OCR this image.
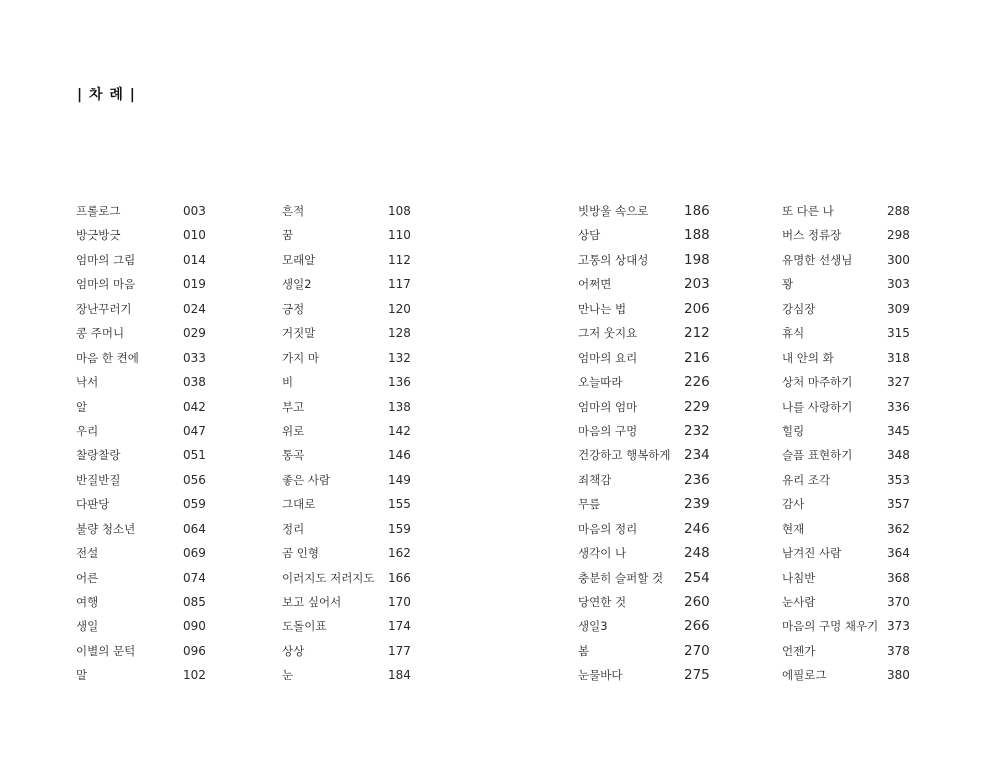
| 차 례 |
프롤로그	003
방긋방긋	010
엄마의 그림	014
엄마의 마음	019
장난꾸러기	024
콩 주머니	029
마음 한 켠에	033
낙서	038
알	042
우리	047
찰랑찰랑	051
반질반질	056
다판당	059
불량 청소년	064
전설	069
어른	074
여행	085
생일	090
이별의 문턱	096
말	102
흔적	108
꿈	110
모래알	112
생일2	117
긍정	120
거짓말	128
가지 마	132
비	136
부고	138
위로	142
통곡	146
좋은 사람	149
그대로	155
정리	159
곰 인형	162
이러지도 저러지도 166
보고 싶어서	170
도돌이표	174
상상	177
눈	184
빗방울 속으로	186
상담	188
고통의 상대성	198
어쩌면	203
만나는 법	206
그저 웃지요	212
엄마의 요리	216
오늘따라	226
엄마의 엄마	229
마음의 구멍	232
건강하고 행복하게 234
죄책감	236
무릎	239
마음의 정리	246
생각이 나	248
충분히 슬퍼할 것 254
당연한 것	260
생일3	266
봄	270
눈물바다	275
또 다른 나	288
버스 정류장	298
유명한 선생님	300
꽝	303
강심장	309
휴식	315
내 안의 화	318
상처 마주하기	327
나를 사랑하기	336
힐링	345
슬픔 표현하기	348
유리 조각	353
감사	357
현재	362
남겨진 사람	364
나침반	368
눈사람	370
마음의 구멍 채우기 373
언젠가	378
에필로그	380
